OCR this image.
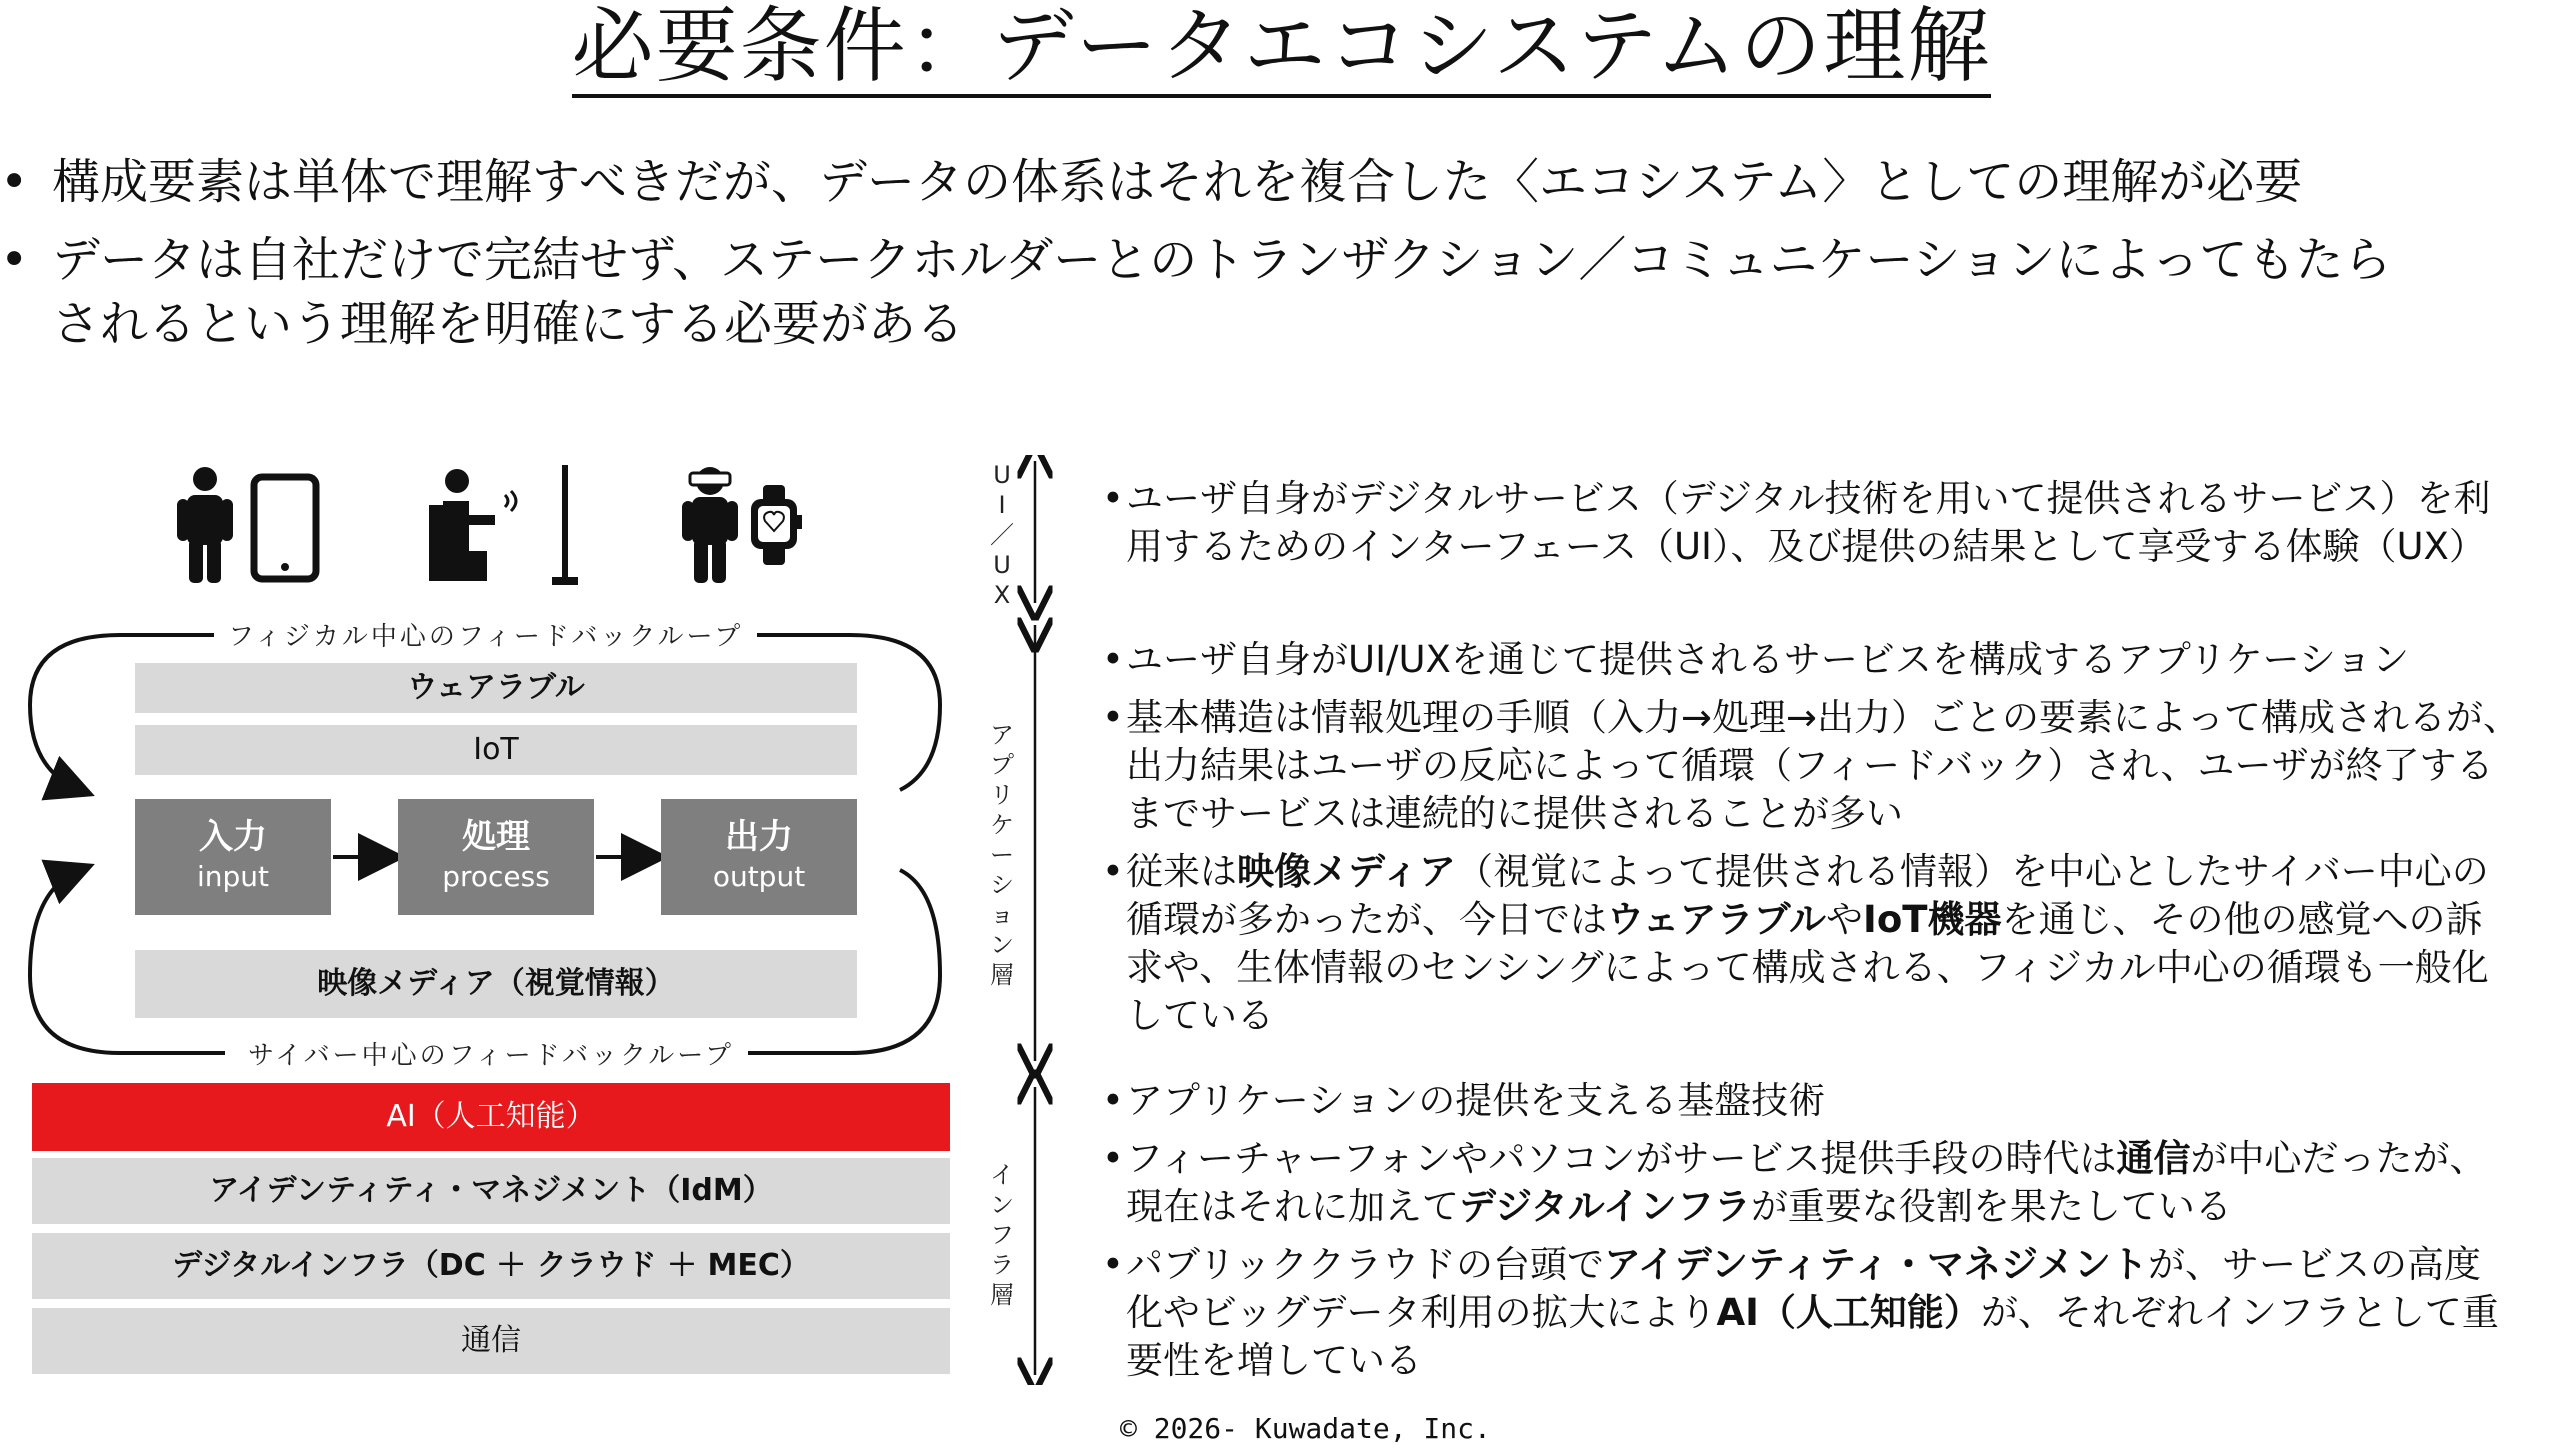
必要条件：データエコシステムの理解
• 構成要素は単体で理解すべきだが、データの体系はそれを複合した〈エコシステム〉としての理解が必要
• データは自社だけで完結せず、ステークホルダーとのトランザクション／コミュニケーションによってもたら
されるという理解を明確にする必要がある
フィジカル中心のフィードバックループ
サイバー中心のフィードバックループ
ウェアラブル
IoT
入力
input
処理
process
出力
output
映像メディア（視覚情報）
AI（人工知能）
アイデンティティ・マネジメント（IdM）
デジタルインフラ（DC ＋ クラウド ＋ MEC）
通信
U
I
／
U
X
ア
プ
リ
ケ
ー
シ
ョ
ン
層
イ
ン
フ
ラ
層
• ユーザ自身がデジタルサービス（デジタル技術を用いて提供されるサービス）を利
用するためのインターフェース（UI）、及び提供の結果として享受する体験（UX）
• ユーザ自身がUI/UXを通じて提供されるサービスを構成するアプリケーション
• 基本構造は情報処理の手順（入力→処理→出力）ごとの要素によって構成されるが、
出力結果はユーザの反応によって循環（フィードバック）され、ユーザが終了する
までサービスは連続的に提供されることが多い
• 従来は映像メディア（視覚によって提供される情報）を中心としたサイバー中心の
循環が多かったが、今日ではウェアラブルやIoT機器を通じ、その他の感覚への訴
求や、生体情報のセンシングによって構成される、フィジカル中心の循環も一般化
している
• アプリケーションの提供を支える基盤技術
• フィーチャーフォンやパソコンがサービス提供手段の時代は通信が中心だったが、
現在はそれに加えてデジタルインフラが重要な役割を果たしている
• パブリッククラウドの台頭でアイデンティティ・マネジメントが、サービスの高度
化やビッグデータ利用の拡大によりAI（人工知能）が、それぞれインフラとして重
要性を増している
© 2026- Kuwadate, Inc.
